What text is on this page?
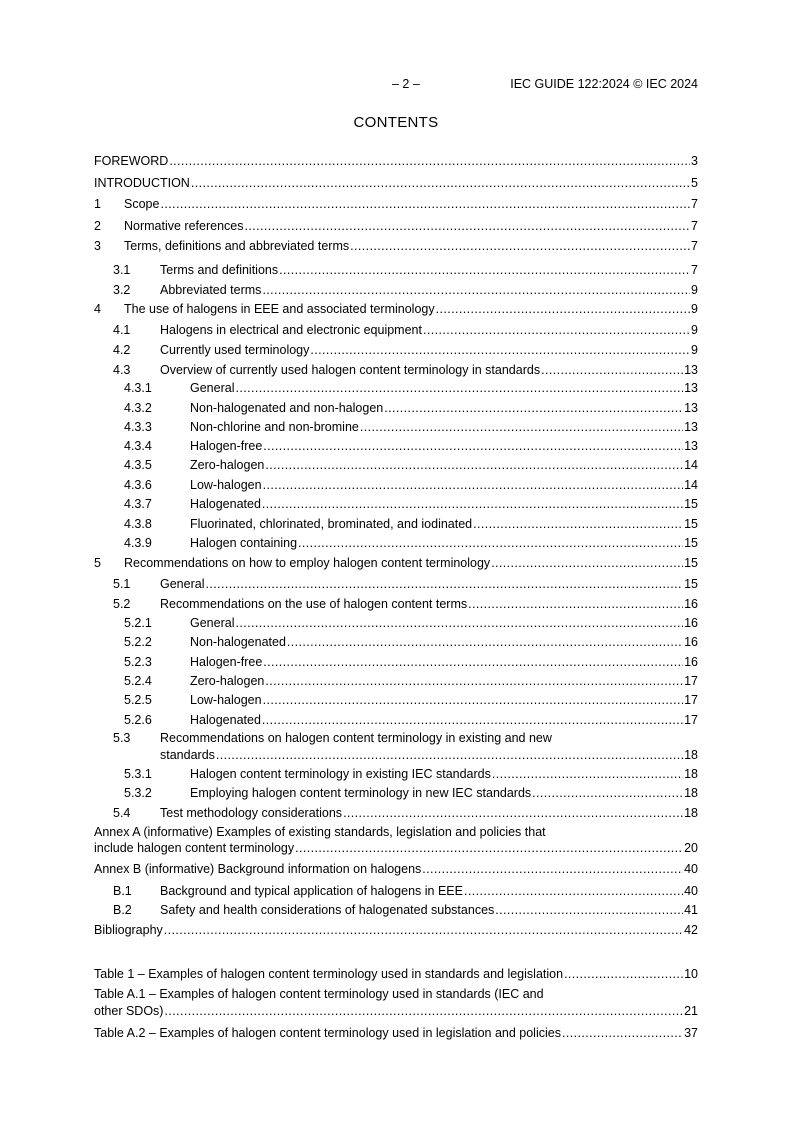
– 2 –	IEC GUIDE 122:2024 © IEC 2024
CONTENTS
FOREWORD .....	3
INTRODUCTION .....	5
1 Scope .....	7
2 Normative references .....	7
3 Terms, definitions and abbreviated terms .....	7
3.1 Terms and definitions .....	7
3.2 Abbreviated terms .....	9
4 The use of halogens in EEE and associated terminology .....	9
4.1 Halogens in electrical and electronic equipment .....	9
4.2 Currently used terminology .....	9
4.3 Overview of currently used halogen content terminology in standards .....	13
4.3.1	General .....	13
4.3.2	Non-halogenated and non-halogen .....	13
4.3.3	Non-chlorine and non-bromine .....	13
4.3.4	Halogen-free .....	13
4.3.5	Zero-halogen .....	14
4.3.6	Low-halogen .....	14
4.3.7	Halogenated .....	15
4.3.8	Fluorinated, chlorinated, brominated, and iodinated .....	15
4.3.9	Halogen containing .....	15
5 Recommendations on how to employ halogen content terminology .....	15
5.1 General .....	15
5.2 Recommendations on the use of halogen content terms .....	16
5.2.1	General .....	16
5.2.2	Non-halogenated .....	16
5.2.3	Halogen-free .....	16
5.2.4	Zero-halogen .....	17
5.2.5	Low-halogen .....	17
5.2.6	Halogenated .....	17
5.3 Recommendations on halogen content terminology in existing and new
standards .....	18
5.3.1	Halogen content terminology in existing IEC standards .....	18
5.3.2	Employing halogen content terminology in new IEC standards .....	18
5.4 Test methodology considerations .....	18
Annex A (informative) Examples of existing standards, legislation and policies that
include halogen content terminology .....	20
Annex B (informative) Background information on halogens .....	40
B.1 Background and typical application of halogens in EEE .....	40
B.2 Safety and health considerations of halogenated substances .....	41
Bibliography .....	42
Table 1 – Examples of halogen content terminology used in standards and legislation .....	10
Table A.1 – Examples of halogen content terminology used in standards (IEC and
other SDOs) .....	21
Table A.2 – Examples of halogen content terminology used in legislation and policies .....	37
